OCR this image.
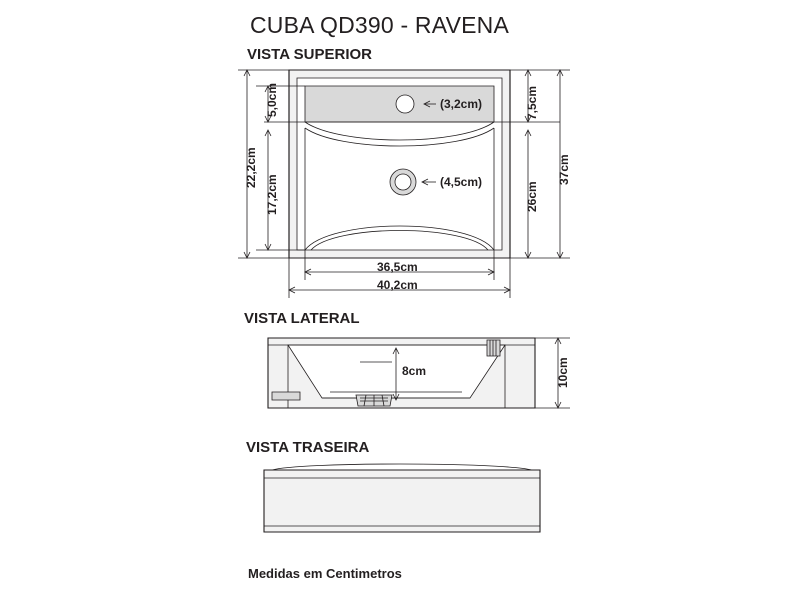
CUBA QD390 - RAVENA
VISTA SUPERIOR
VISTA LATERAL
VISTA TRASEIRA
Medidas em Centimetros
22,2cm
5,0cm
17,2cm
(3,2cm)
(4,5cm)
7,5cm
26cm
37cm
36,5cm
40,2cm
8cm	10cm
